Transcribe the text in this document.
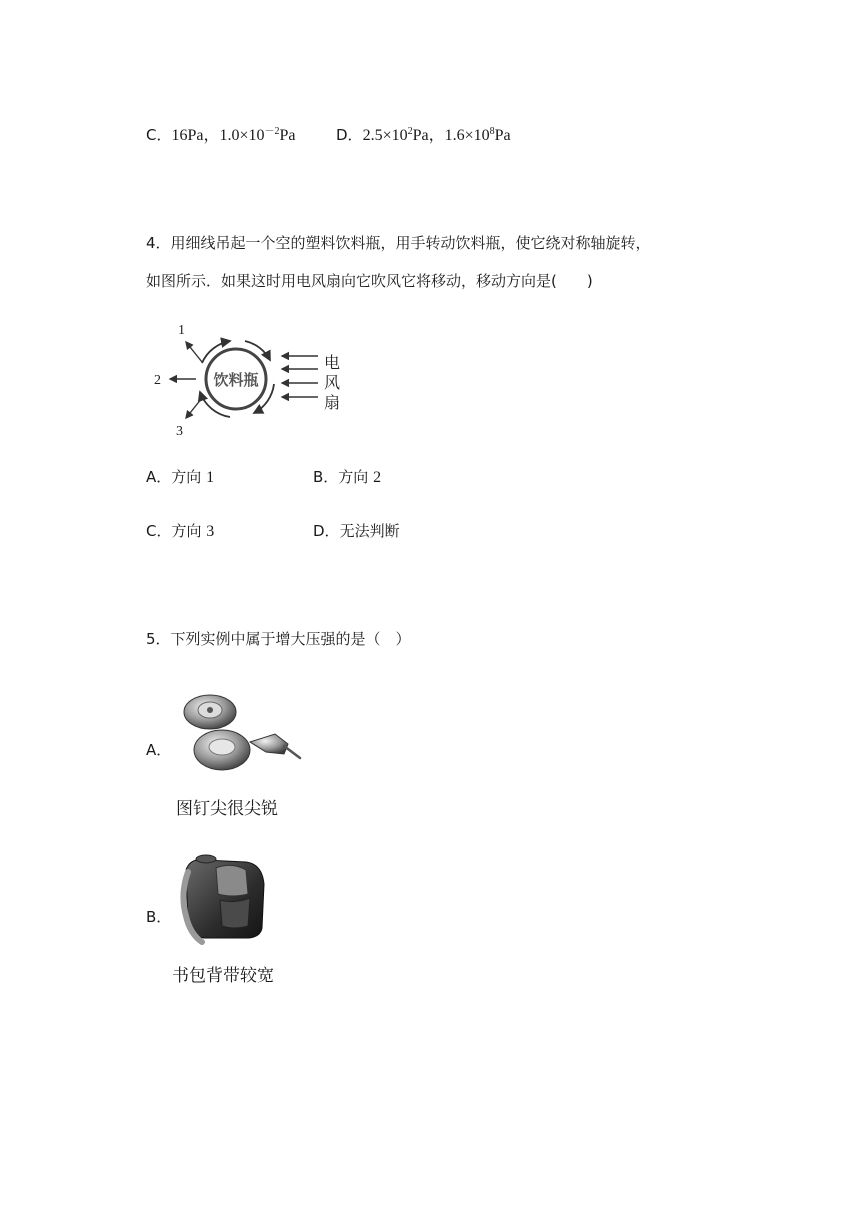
C．16Pa，$1.0\times 10^{-2}Pa$	D．$2.5\times 10^2Pa$，$1.6\times 10^8Pa$
4．用细线吊起一个空的塑料饮料瓶，用手转动饮料瓶，使它绕对称轴旋转，
如图所示．如果这时用电风扇向它吹风它将移动，移动方向是(　　)
饮料瓶
1
2
3
电
风
扇
A．方向 1	B．方向 2
C．方向 3	D．无法判断
5．下列实例中属于增大压强的是（　）
A．
图钉尖很尖锐
B．
书包背带较宽
